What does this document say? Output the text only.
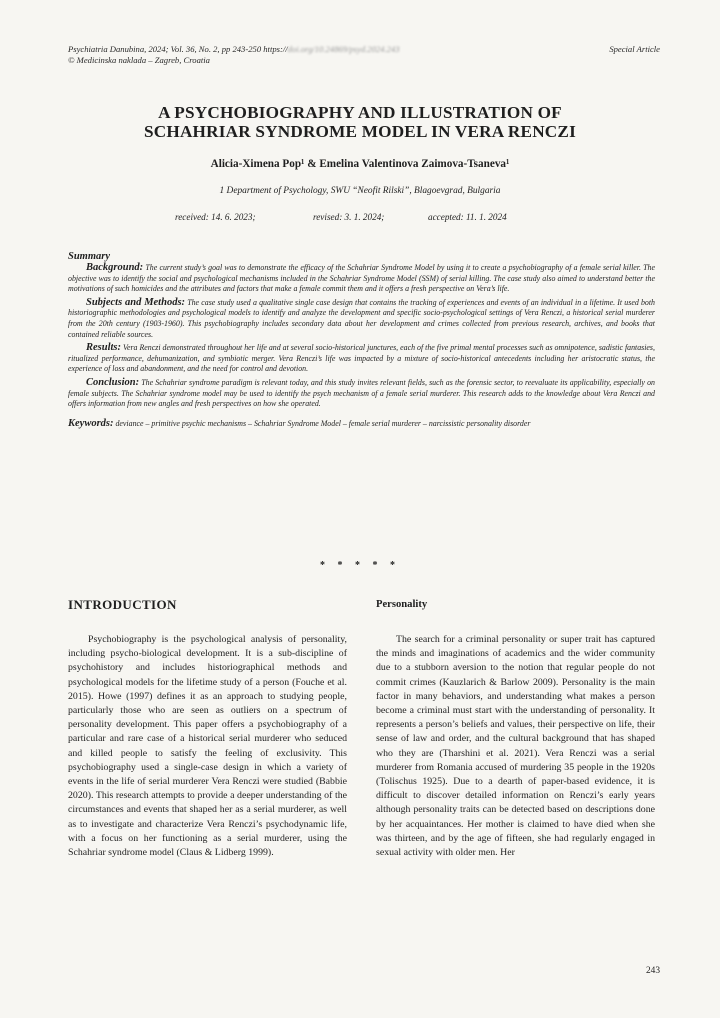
Psychiatria Danubina, 2024; Vol. 36, No. 2, pp 243-250 https://doi.org/10.24869/psyd.2024.243
© Medicinska naklada – Zagreb, Croatia
Special Article
A PSYCHOBIOGRAPHY AND ILLUSTRATION OF
SCHAHRIAR SYNDROME MODEL IN VERA RENCZI
Alicia-Ximena Pop¹ & Emelina Valentinova Zaimova-Tsaneva¹
1 Department of Psychology, SWU “Neofit Rilski”, Blagoevgrad, Bulgaria
received: 14. 6. 2023;	revised: 3. 1. 2024;	accepted: 11. 1. 2024

Summary

Background: The current study’s goal was to demonstrate the efficacy of the Schahriar Syndrome Model by using it to create a psychobiography of a female serial killer. The objective was to identify the social and psychological mechanisms included in the Schahriar Syndrome Model (SSM) of serial killing. The case study also aimed to understand better the motivations of such homicides and the attributes and factors that make a female commit them and it offers a fresh perspective on Vera’s life.

Subjects and Methods: The case study used a qualitative single case design that contains the tracking of experiences and events of an individual in a lifetime. It used both historiographic methodologies and psychological models to identify and analyze the development and specific socio-psychological settings of Vera Renczi, a historical serial murderer from the 20th century (1903-1960). This psychobiography includes secondary data about her development and crimes collected from previous research, archives, and books that contained reliable sources.

Results: Vera Renczi demonstrated throughout her life and at several socio-historical junctures, each of the five primal mental processes such as omnipotence, sadistic fantasies, ritualized performance, dehumanization, and symbiotic merger. Vera Renczi’s life was impacted by a mixture of socio-historical antecedents including her aristocratic status, the experience of loss and abandonment, and the need for control and devotion.

Conclusion: The Schahriar syndrome paradigm is relevant today, and this study invites relevant fields, such as the forensic sector, to reevaluate its applicability, especially on female subjects. The Schahriar syndrome model may be used to identify the psych mechanism of a female serial murderer. This research adds to the knowledge about Vera Renczi and offers information from new angles and fresh perspectives on how she operated.

Keywords: deviance – primitive psychic mechanisms – Schahriar Syndrome Model – female serial murderer – narcissistic personality disorder

* * * * *
INTRODUCTION

Psychobiography is the psychological analysis of personality, including psycho-biological development. It is a sub-discipline of psychohistory and includes historiographical methods and psychological models for the lifetime study of a person (Fouche et al. 2015). Howe (1997) defines it as an approach to studying people, particularly those who are seen as outliers on a spectrum of personality development. This paper offers a psychobiography of a particular and rare case of a historical serial murderer who seduced and killed people to satisfy the feeling of exclusivity. This psychobiography used a single-case design in which a variety of events in the life of serial murderer Vera Renczi were studied (Babbie 2020). This research attempts to provide a deeper understanding of the circumstances and events that shaped her as a serial murderer, as well as to investigate and characterize Vera Renczi’s psychodynamic life, with a focus on her functioning as a serial murderer, using the Schahriar syndrome model (Claus & Lidberg 1999).

Personality

The search for a criminal personality or super trait has captured the minds and imaginations of academics and the wider community due to a stubborn aversion to the notion that regular people do not commit crimes (Kauzlarich & Barlow 2009). Personality is the main factor in many behaviors, and understanding what makes a person become a criminal must start with the understanding of personality. It represents a person’s beliefs and values, their perspective on life, their sense of law and order, and the cultural background that has shaped who they are (Tharshini et al. 2021). Vera Renczi was a serial murderer from Romania accused of murdering 35 people in the 1920s (Tolischus 1925). Due to a dearth of paper-based evidence, it is difficult to discover detailed information on Renczi’s early years although personality traits can be detected based on descriptions done by her acquaintances. Her mother is claimed to have died when she was thirteen, and by the age of fifteen, she had regularly engaged in sexual activity with older men. Her

243
